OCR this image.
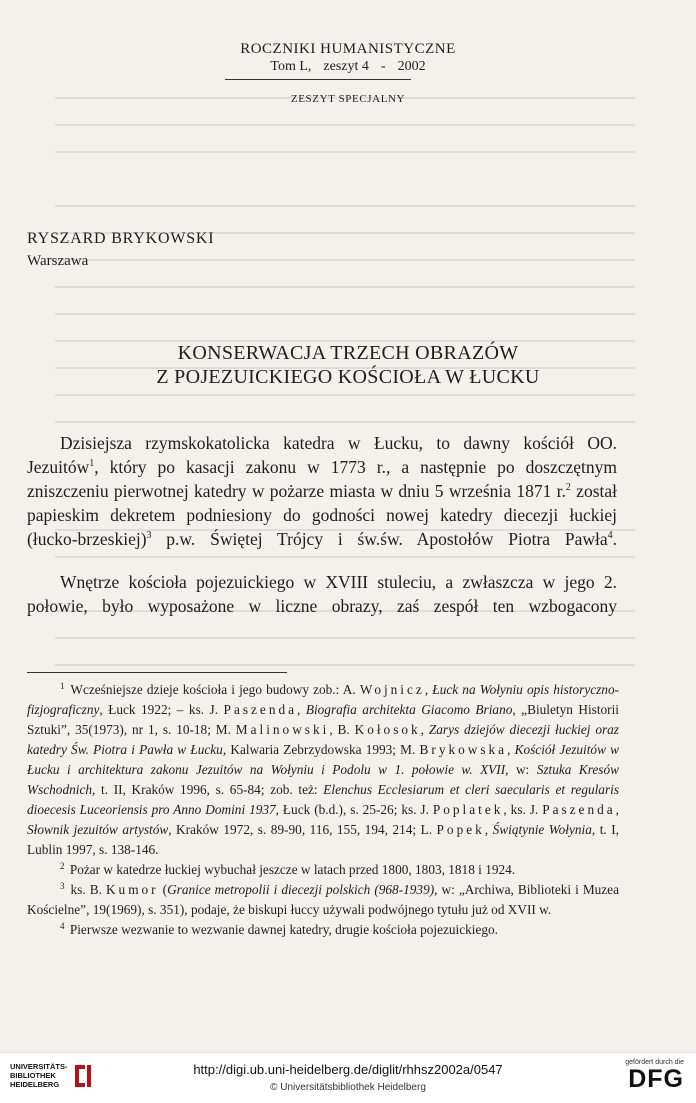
ROCZNIKI HUMANISTYCZNE
Tom L, zeszyt 4 - 2002
ZESZYT SPECJALNY
RYSZARD BRYKOWSKI
Warszawa
KONSERWACJA TRZECH OBRAZÓW
Z POJEZUICKIEGO KOŚCIOŁA W ŁUCKU
Dzisiejsza rzymskokatolicka katedra w Łucku, to dawny kościół OO. Jezuitów$^1$, który po kasacji zakonu w 1773 r., a następnie po doszczętnym zniszczeniu pierwotnej katedry w pożarze miasta w dniu 5 września 1871 r.$^2$ został papieskim dekretem podniesiony do godności nowej katedry diecezji łuckiej (łucko-brzeskiej)$^3$ p.w. Świętej Trójcy i św.św. Apostołów Piotra Pawła$^4$.
Wnętrze kościoła pojezuickiego w XVIII stuleciu, a zwłaszcza w jego 2. połowie, było wyposażone w liczne obrazy, zaś zespół ten wzbogacony

$^1$ Wcześniejsze dzieje kościoła i jego budowy zob.: A. Wojnicz, Łuck na Wołyniu opis historyczno-fizjograficzny, Łuck 1922; – ks. J. Paszenda, Biografia architekta Giacomo Briano, „Biuletyn Historii Sztuki”, 35(1973), nr 1, s. 10-18; M. Malinowski, B. Kołosok, Zarys dziejów diecezji łuckiej oraz katedry Św. Piotra i Pawła w Łucku, Kalwaria Zebrzydowska 1993; M. Brykowska, Kościół Jezuitów w Łucku i architektura zakonu Jezuitów na Wołyniu i Podolu w 1. połowie w. XVII, w: Sztuka Kresów Wschodnich, t. II, Kraków 1996, s. 65-84; zob. też: Elenchus Ecclesiarum et cleri saecularis et regularis dioecesis Luceoriensis pro Anno Domini 1937, Łuck (b.d.), s. 25-26; ks. J. Poplatek, ks. J. Paszenda, Słownik jezuitów artystów, Kraków 1972, s. 89-90, 116, 155, 194, 214; L. Popek, Świątynie Wołynia, t. I, Lublin 1997, s. 138-146.

$^2$ Pożar w katedrze łuckiej wybuchał jeszcze w latach przed 1800, 1803, 1818 i 1924.

$^3$ ks. B. Kumor (Granice metropolii i diecezji polskich (968-1939), w: „Archiwa, Biblioteki i Muzea Kościelne”, 19(1969), s. 351), podaje, że biskupi łuccy używali podwójnego tytułu już od XVII w.

$^4$ Pierwsze wezwanie to wezwanie dawnej katedry, drugie kościoła pojezuickiego.

UNIVERSITÄTS-
BIBLIOTHEK
HEIDELBERG
http://digi.ub.uni-heidelberg.de/diglit/rhhsz2002a/0547
© Universitätsbibliothek Heidelberg
gefördert durch die
DFG
